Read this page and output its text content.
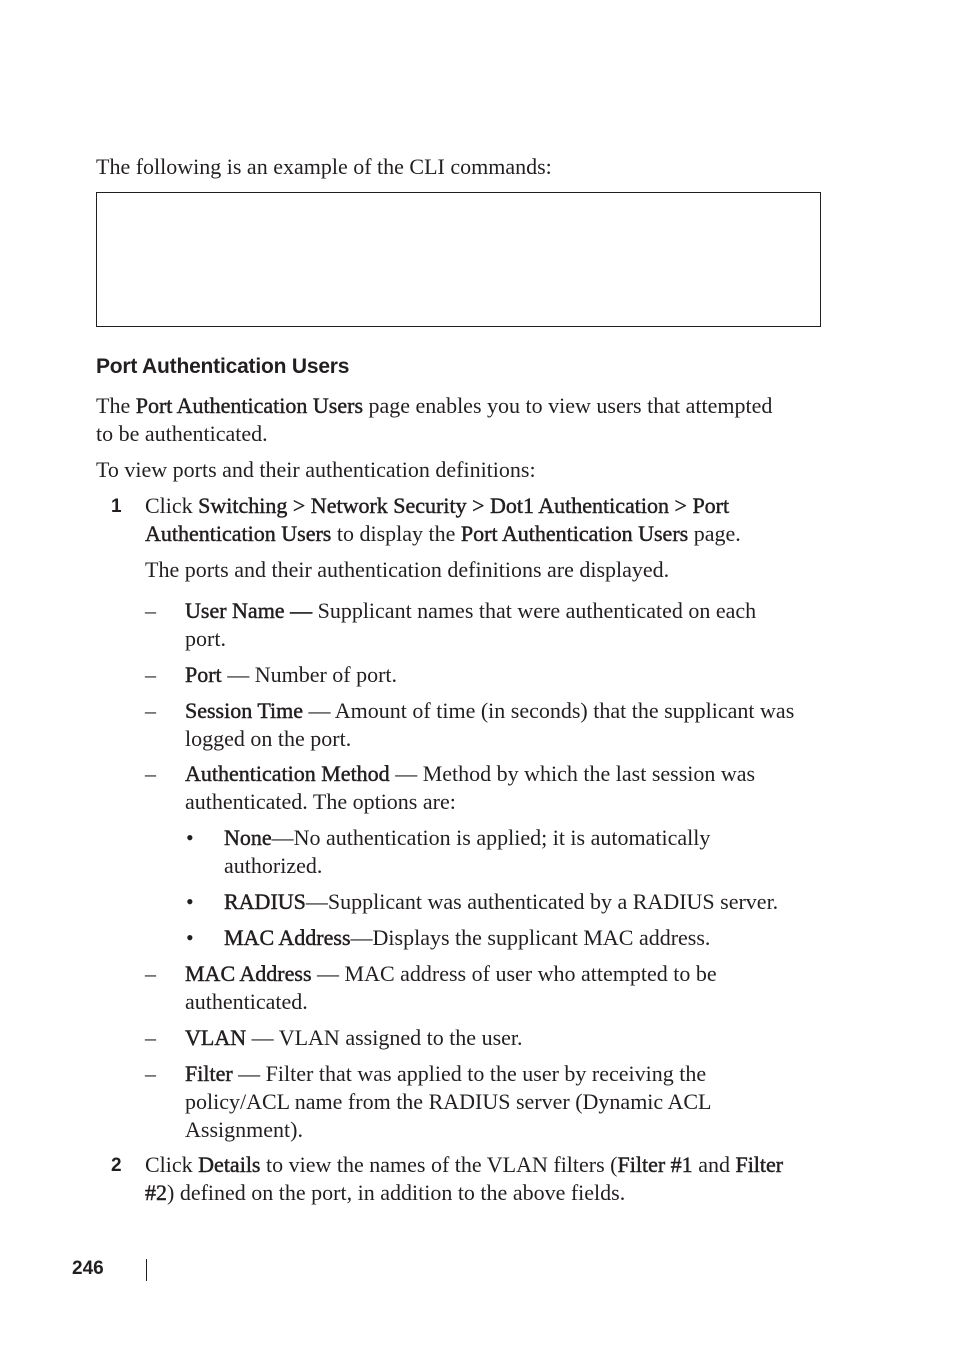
The following is an example of the CLI commands:
Port Authentication Users
The Port Authentication Users page enables you to view users that attempted
to be authenticated.
To view ports and their authentication definitions:
1 Click Switching > Network Security > Dot1 Authentication > Port
Authentication Users to display the Port Authentication Users page.
The ports and their authentication definitions are displayed.
– User Name — Supplicant names that were authenticated on each
port.
– Port — Number of port.
– Session Time — Amount of time (in seconds) that the supplicant was
logged on the port.
– Authentication Method — Method by which the last session was
authenticated. The options are:
• None—No authentication is applied; it is automatically
authorized.
• RADIUS—Supplicant was authenticated by a RADIUS server.
• MAC Address—Displays the supplicant MAC address.
– MAC Address — MAC address of user who attempted to be
authenticated.
– VLAN — VLAN assigned to the user.
– Filter — Filter that was applied to the user by receiving the
policy/ACL name from the RADIUS server (Dynamic ACL
Assignment).
2 Click Details to view the names of the VLAN filters (Filter #1 and Filter
#2) defined on the port, in addition to the above fields.
246
